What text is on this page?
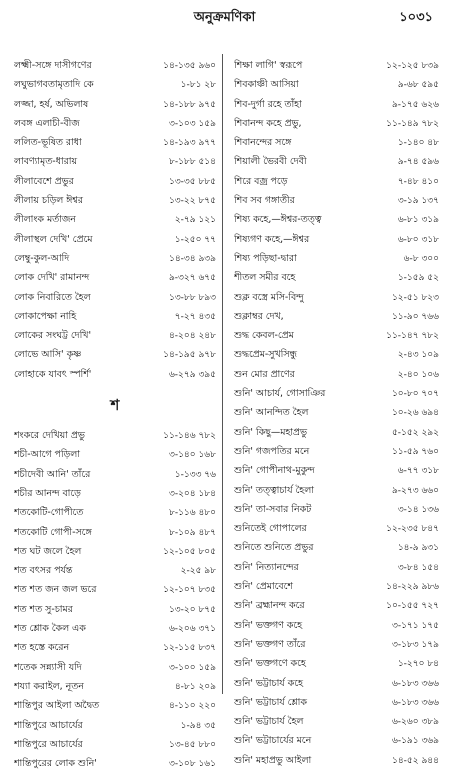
অনুক্রমণিকা	১০৩১
লক্ষ্মী-সঙ্গে দাসীগণের	১৪-১৩৫ ৯৬০
লঘুভাগবতামৃতাদি কে	১-৮১ ২৮
লজ্জা, হর্ষ, অভিলাষ	১৪-১৮৮ ৯৭৫
লবঙ্গ এলাচী-বীজ	৩-১০৩ ১৫৯
ললিত-ভূষিত রাধা	১৪-১৯৩ ৯৭৭
লাবণ্যামৃত-ধারায়	৮-১৮৮ ৫১৪
লীলাবেশে প্রভুর	১৩-৩৫ ৮৮৫
লীলায় চড়িল ঈশ্বর	১৩-২২ ৮৭৫
লীলাংক মর্তাজন	২-৭৯ ১২১
লীলাস্থল দেখি' প্রেমে	১-২৫০ ৭৭
লেম্বু-কুল-আদি	১৪-৩৪ ৯৩৯
লোক দেখি' রামানন্দ	৯-৩২৭ ৬৭৫
লোক নিবারিতে হৈল	১৩-৮৮ ৮৯৩
লোকাপেক্ষা নাহি	৭-২৭ ৪৩৫
লোকের সংঘট্ট দেখি'	৪-২০৪ ২৪৮
লোভে আসি' কৃষ্ণ	১৪-১৯৫ ৯৭৮
লোহাকে যাবৎ স্পর্শি'	৬-২৭৯ ৩৯৫
শ
শংকরে দেখিয়া প্রভু	১১-১৪৬ ৭৮২
শচী-আগে পড়িলা	৩-১৪০ ১৬৮
শচীদেবী আনি' তাঁরে	১-১৩৩ ৭৬
শচীর আনন্দ বাড়ে	৩-২০৪ ১৮৪
শতকোটি-গোপীতে	৮-১১৬ ৪৮০
শতকোটি গোপী-সঙ্গে	৮-১০৯ ৪৮৭
শত ঘট জলে হৈল	১২-১০৫ ৮০৫
শত বৎসর পর্যন্ত	২-২৫ ৯৮
শত শত জন জল ভরে	১২-১০৭ ৮৩৫
শত শত সু-চামর	১৩-২০ ৮৭৫
শত শ্লোক কৈল এক	৬-২০৬ ৩৭১
শত হস্তে করেন	১২-১১৫ ৮৩৭
শতেক সন্ন্যাসী যদি	৩-১০০ ১৫৯
শয্যা করাইল, নূতন	৪-৮১ ২০৯
শান্তিপুর আইলা অদ্বৈত	৪-১১০ ২২০
শান্তিপুরে আচার্যের	১-৯৪ ৩৫
শান্তিপুরে আচার্যের	১৩-৪৫ ৮৮০
শান্তিপুরের লোক শুনি'	৩-১০৮ ১৬১
শিক্ষা লাগি' স্বরূপে	১২-১২৫ ৮৩৯
শিবকাঞ্চী আসিয়া	৯-৬৮ ৫৯৫
শিব-দুর্গা রহে তাঁহা	৯-১৭৫ ৬২৬
শিবানন্দ কহে প্রভু,	১১-১৪৯ ৭৮২
শিবানন্দের সঙ্গে	১-১৪০ ৪৮
শিয়ালী ভৈরবী দেবী	৯-৭৪ ৫৯৬
শিরে বজ্র পড়ে	৭-৪৮ ৪১০
শিব সব গঙ্গাতীর	৩-১৯ ১৩৭
শিষ্য কহে,—ঈশ্বর-তত্ত্ব	৬-৮১ ৩১৯
শিষ্যগণ কহে,—ঈশ্বর	৬-৮০ ৩১৮
শিষ্য পড়িছা-দ্বারা	৬-৮ ৩০০
শীতল সমীর বহে	১-১৫৯ ৫২
শুক্ল বস্ত্রে মসি-বিন্দু	১২-৫১ ৮২৩
শুক্লাম্বর দেখ,	১১-৯০ ৭৬৬
শুদ্ধ কেবল-প্রেম	১১-১৪৭ ৭৮২
শুদ্ধপ্রেম-সুখসিন্ধু	২-৪৩ ১০৯
শুন মোর প্রাণের	২-৪০ ১০৬
শুনি' আচার্য, গোসাঞির	১০-৮০ ৭০৭
শুনি' আনন্দিত হৈল	১০-২৬ ৬৯৪
শুনি' কিছু—মহাপ্রভু	৫-১৫২ ২৯২
শুনি' গজপতির মনে	১১-৫৯ ৭৬০
শুনি' গোপীনাথ-মুকুন্দ	৬-৭৭ ৩১৮
শুনি' তত্ত্বাচার্য হৈলা	৯-২৭৩ ৬৬০
শুনি' তা-সবার নিকট	৩-১৪ ১৩৬
শুনিতেই গোপালের	১২-২৩৫ ৮৪৭
শুনিতে শুনিতে প্রভুর	১৪-৯ ৯৩১
শুনি' নিত্যানন্দের	৩-৮৪ ১৫৪
শুনি' প্রেমাবেশে	১৪-২২৯ ৯৮৬
শুনি' ব্রহ্মানন্দ করে	১০-১৫৫ ৭২৭
শুনি' ভক্তগণ কহে	৩-১৭১ ১৭৫
শুনি' ভক্তগণ তাঁরে	৩-১৮৩ ১৭৯
শুনি' ভক্তগণে কহে	১-২৭০ ৮৪
শুনি' ভট্টাচার্য কহে	৬-১৮৩ ৩৬৬
শুনি' ভট্টাচার্য শ্লোক	৬-১৮৩ ৩৬৬
শুনি' ভট্টাচার্য হৈল	৬-২৬০ ৩৮৯
শুনি' ভট্টাচার্যের মনে	৬-১৯১ ৩৬৯
শুনি' মহাপ্রভু আইলা	১৪-৫২ ৯৪৪
